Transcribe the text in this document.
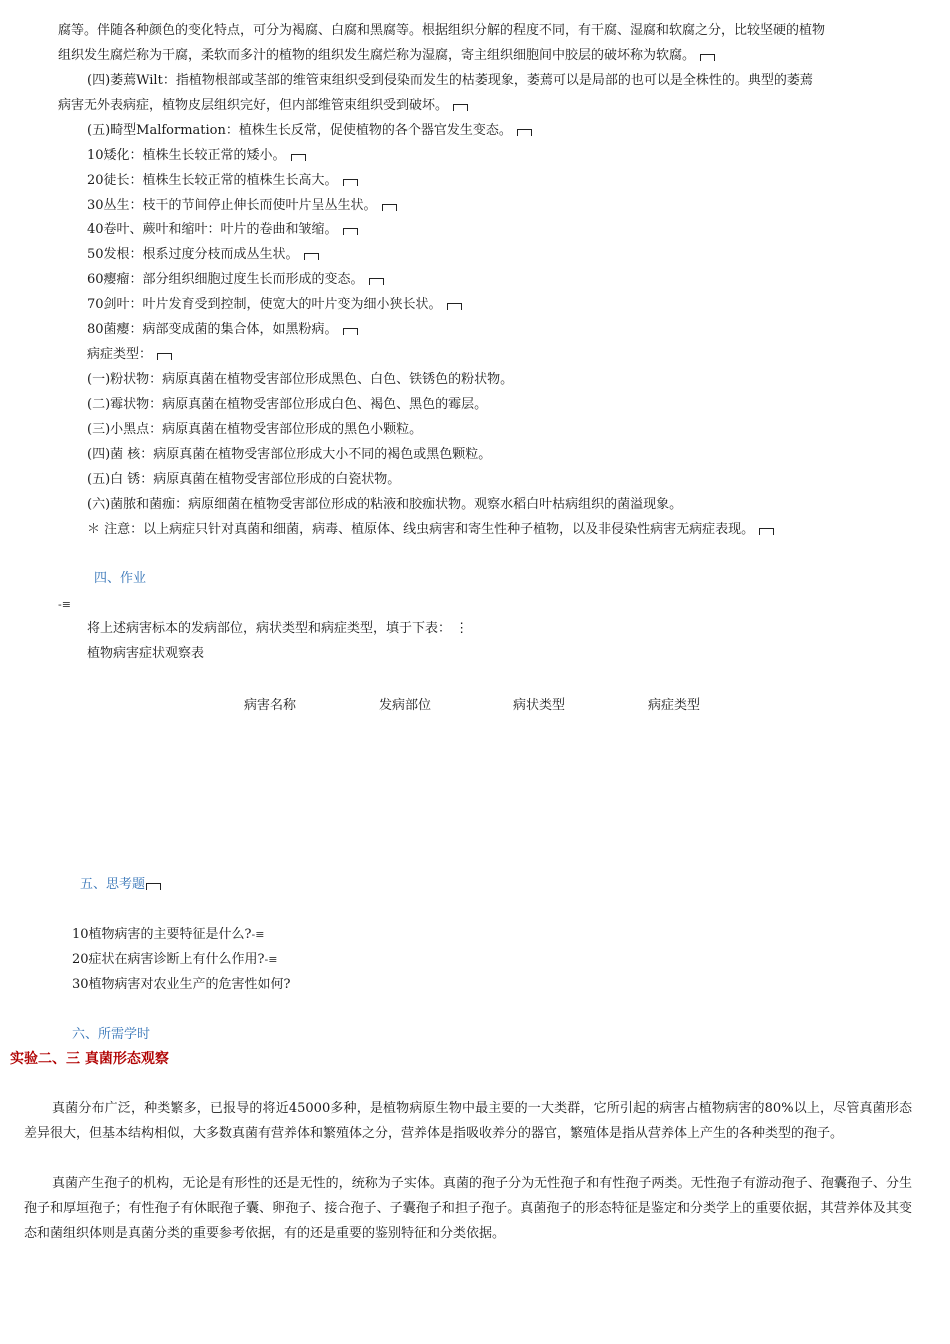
腐等。伴随各种颜色的变化特点，可分为褐腐、白腐和黑腐等。根据组织分解的程度不同，有干腐、湿腐和软腐之分，比较坚硬的植物
组织发生腐烂称为干腐，柔软而多汁的植物的组织发生腐烂称为湿腐，寄主组织细胞间中胶层的破坏称为软腐。
(四)萎蔫Wilt：指植物根部或茎部的维管束组织受到侵染而发生的枯萎现象，萎蔫可以是局部的也可以是全株性的。典型的萎蔫
病害无外表病症，植物皮层组织完好，但内部维管束组织受到破坏。
(五)畸型Malformation：植株生长反常，促使植物的各个器官发生变态。
10矮化：植株生长较正常的矮小。
20徒长：植株生长较正常的植株生长高大。
30丛生：枝干的节间停止伸长而使叶片呈丛生状。
40卷叶、蕨叶和缩叶：叶片的卷曲和皱缩。
50发根：根系过度分枝而成丛生状。
60瘿瘤：部分组织细胞过度生长而形成的变态。
70剑叶：叶片发育受到控制，使宽大的叶片变为细小狭长状。
80菌瘿：病部变成菌的集合体，如黑粉病。
病症类型：
(一)粉状物：病原真菌在植物受害部位形成黑色、白色、铁锈色的粉状物。
(二)霉状物：病原真菌在植物受害部位形成白色、褐色、黑色的霉层。
(三)小黑点：病原真菌在植物受害部位形成的黑色小颗粒。
(四)菌 核：病原真菌在植物受害部位形成大小不同的褐色或黑色颗粒。
(五)白 锈：病原真菌在植物受害部位形成的白瓷状物。
(六)菌脓和菌痂：病原细菌在植物受害部位形成的粘液和胶痂状物。观察水稻白叶枯病组织的菌溢现象。
＊ 注意：以上病症只针对真菌和细菌，病毒、植原体、线虫病害和寄生性种子植物，以及非侵染性病害无病症表现。
四、作业
-≡
将上述病害标本的发病部位，病状类型和病症类型，填于下表： ⋮
植物病害症状观察表
病害名称	发病部位	病状类型	病症类型
五、思考题
10植物病害的主要特征是什么?-≡
20症状在病害诊断上有什么作用?-≡
30植物病害对农业生产的危害性如何?
六、所需学时
实验二、三 真菌形态观察
真菌分布广泛，种类繁多，已报导的将近45000多种，是植物病原生物中最主要的一大类群，它所引起的病害占植物病害的80%以上，尽管真菌形态差异很大，但基本结构相似，大多数真菌有营养体和繁殖体之分，营养体是指吸收养分的器官，繁殖体是指从营养体上产生的各种类型的孢子。
真菌产生孢子的机构，无论是有形性的还是无性的，统称为子实体。真菌的孢子分为无性孢子和有性孢子两类。无性孢子有游动孢子、孢囊孢子、分生孢子和厚垣孢子；有性孢子有休眠孢子囊、卵孢子、接合孢子、子囊孢子和担子孢子。真菌孢子的形态特征是鉴定和分类学上的重要依据，其营养体及其变态和菌组织体则是真菌分类的重要参考依据，有的还是重要的鉴别特征和分类依据。
